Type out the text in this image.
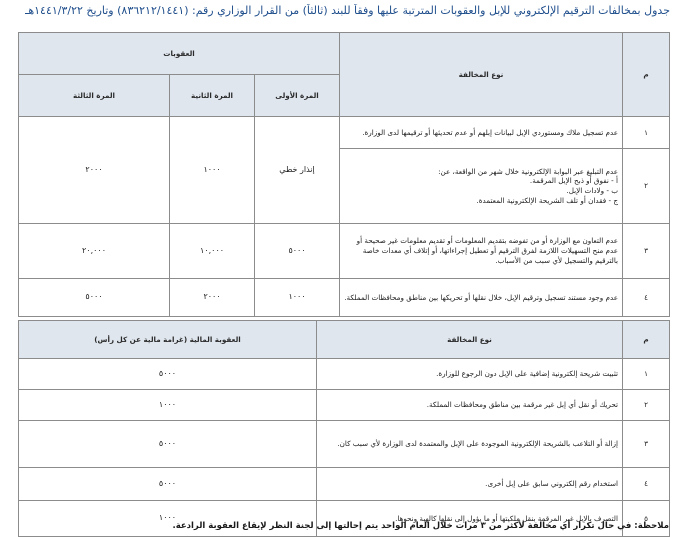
جدول بمخالفات الترقيم الإلكتروني للإبل والعقوبات المترتبة عليها وفقاً للبند (ثالثاً) من القرار الوزاري رقم: (٨٣٦٢١٢/١٤٤١) وتاريخ ١٤٤١/٣/٢٢هـ
م	نوع المخالفة	العقوبات		
		المرة الأولى	المرة الثانية	المرة الثالثة
١	عدم تسجيل ملاك ومستوردي الإبل لبيانات إبلهم أو عدم تحديثها أو ترقيمها لدى الوزارة.	إنذار خطي	١٠٠٠	٢٠٠٠
٢	عدم التبليغ عبر البوابة الإلكترونية خلال شهر من الواقعة، عن:
أ - نفوق أو ذبح الإبل المرقمة.
ب - ولادات الإبل.
ج - فقدان أو تلف الشريحة الإلكترونية المعتمدة.			

٣	عدم التعاون مع الوزارة أو من تفوضه بتقديم المعلومات أو تقديم معلومات غير صحيحة أو عدم منح التسهيلات اللازمة لفرق الترقيم أو تعطيل إجراءاتها، أو إتلاف أي معدات خاصة بالترقيم والتسجيل لأي سبب من الأسباب.	٥٠٠٠	١٠,٠٠٠	٢٠,٠٠٠
٤	عدم وجود مستند تسجيل وترقيم الإبل، خلال نقلها أو تحريكها بين مناطق ومحافظات المملكة.	١٠٠٠	٢٠٠٠	٥٠٠٠
م	نوع المخالفة	العقوبة المالية (غرامة مالية عن كل رأس)
١	تثبيت شريحة إلكترونية إضافية على الإبل دون الرجوع للوزارة.	٥٠٠٠
٢	تحريك أو نقل أي إبل غير مرقمة بين مناطق ومحافظات المملكة.	١٠٠٠
٣	إزالة أو التلاعب بالشريحة الإلكترونية الموجودة على الإبل والمعتمدة لدى الوزارة لأي سبب كان.	٥٠٠٠
٤	استخدام رقم إلكتروني سابق على إبل أخرى.	٥٠٠٠
٥	التصرف بالإبل غير المرقمة بنقل ملكيتها أو ما يؤول إلى نقلها كالهبة ونحوها.	١٠٠٠
ملاحظة: في حال تكرار أي مخالفة لأكثر من ٣ مرات خلال العام الواحد يتم إحالتها إلى لجنة النظر لإيقاع العقوبة الرادعة.
